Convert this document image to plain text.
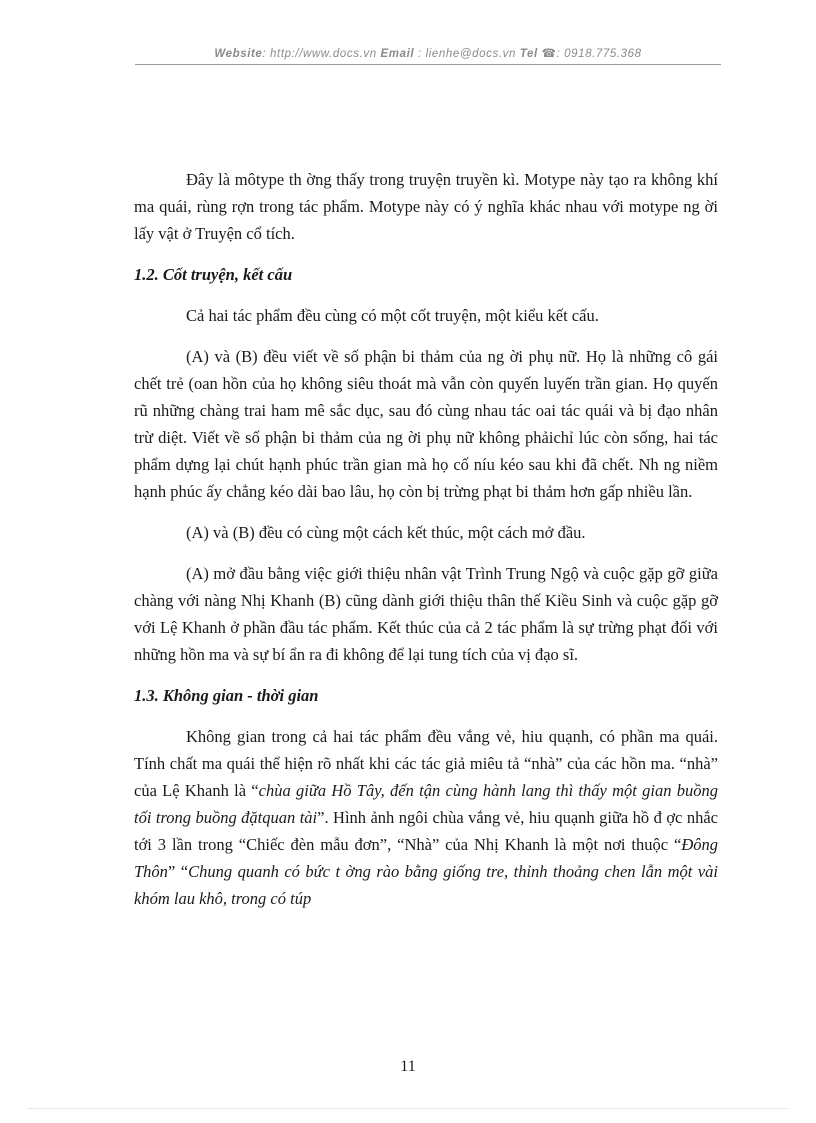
Website: http://www.docs.vn Email : lienhe@docs.vn Tel ☎: 0918.775.368

Đây là môtype th ờng thấy trong truyện truyền kì. Motype này tạo ra không khí ma quái, rùng rợn trong tác phẩm. Motype này có ý nghĩa khác nhau với motype ng ời lấy vật ở Truyện cổ tích.

1.2. Cốt truyện, kết cấu

Cả hai tác phẩm đều cùng có một cốt truyện, một kiểu kết cấu.

(A) và (B) đều viết về số phận bi thảm của ng ời phụ nữ. Họ là những cô gái chết trẻ (oan hồn của họ không siêu thoát mà vẫn còn quyến luyến trần gian. Họ quyến rũ những chàng trai ham mê sắc dục, sau đó cùng nhau tác oai tác quái và bị đạo nhân trừ diệt. Viết về số phận bi thảm của ng ời phụ nữ không phảichỉ lúc còn sống, hai tác phẩm dựng lại chút hạnh phúc trần gian mà họ cố níu kéo sau khi đã chết. Nh ng niềm hạnh phúc ấy chẳng kéo dài bao lâu, họ còn bị trừng phạt bi thảm hơn gấp nhiều lần.

(A) và (B) đều có cùng một cách kết thúc, một cách mở đầu.

(A) mở đầu bằng việc giới thiệu nhân vật Trình Trung Ngộ và cuộc gặp gỡ giữa chàng với nàng Nhị Khanh (B) cũng dành giới thiệu thân thế Kiều Sinh và cuộc gặp gỡ với Lệ Khanh ở phần đầu tác phẩm. Kết thúc của cả 2 tác phẩm là sự trừng phạt đối với những hồn ma và sự bí ẩn ra đi không để lại tung tích của vị đạo sĩ.

1.3. Không gian - thời gian

Không gian trong cả hai tác phẩm đều vắng vẻ, hiu quạnh, có phần ma quái. Tính chất ma quái thể hiện rõ nhất khi các tác giả miêu tả “nhà” của các hồn ma. “nhà” của Lệ Khanh là “chùa giữa Hồ Tây, đến tận cùng hành lang thì thấy một gian buồng tối trong buồng đặtquan tài”. Hình ảnh ngôi chùa vắng vẻ, hiu quạnh giữa hồ đ ợc nhắc tới 3 lần trong “Chiếc đèn mẫu đơn”, “Nhà” của Nhị Khanh là một nơi thuộc “Đông Thôn” “Chung quanh có bức t ờng rào bằng giống tre, thỉnh thoảng chen lẫn một vài khóm lau khô, trong có túp

11
